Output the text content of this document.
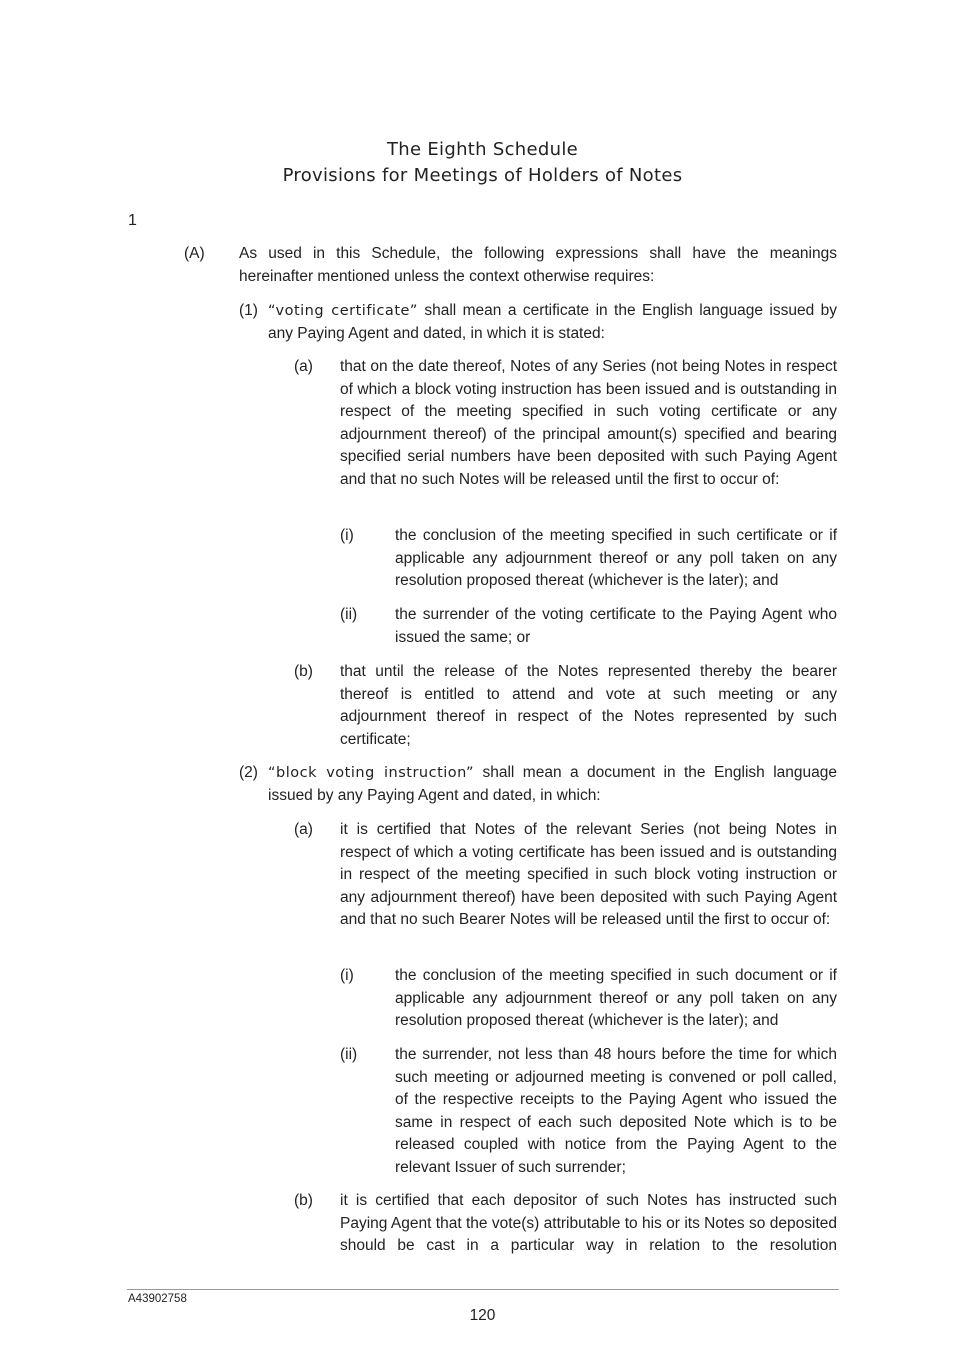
The Eighth Schedule
Provisions for Meetings of Holders of Notes
1
(A) As used in this Schedule, the following expressions shall have the meanings hereinafter mentioned unless the context otherwise requires:
(1) “voting certificate” shall mean a certificate in the English language issued by any Paying Agent and dated, in which it is stated:
(a) that on the date thereof, Notes of any Series (not being Notes in respect of which a block voting instruction has been issued and is outstanding in respect of the meeting specified in such voting certificate or any adjournment thereof) of the principal amount(s) specified and bearing specified serial numbers have been deposited with such Paying Agent and that no such Notes will be released until the first to occur of:
(i)	the conclusion of the meeting specified in such certificate or if applicable any adjournment thereof or any poll taken on any resolution proposed thereat (whichever is the later); and
(ii) the surrender of the voting certificate to the Paying Agent who issued the same; or
(b) that until the release of the Notes represented thereby the bearer thereof is entitled to attend and vote at such meeting or any adjournment thereof in respect of the Notes represented by such certificate;
(2) “block voting instruction” shall mean a document in the English language issued by any Paying Agent and dated, in which:
(a) it is certified that Notes of the relevant Series (not being Notes in respect of which a voting certificate has been issued and is outstanding in respect of the meeting specified in such block voting instruction or any adjournment thereof) have been deposited with such Paying Agent and that no such Bearer Notes will be released until the first to occur of:
(i)	the conclusion of the meeting specified in such document or if applicable any adjournment thereof or any poll taken on any resolution proposed thereat (whichever is the later); and
(ii) the surrender, not less than 48 hours before the time for which such meeting or adjourned meeting is convened or poll called, of the respective receipts to the Paying Agent who issued the same in respect of each such deposited Note which is to be released coupled with notice from the Paying Agent to the relevant Issuer of such surrender;
(b) it is certified that each depositor of such Notes has instructed such Paying Agent that the vote(s) attributable to his or its Notes so deposited should be cast in a particular way in relation to the resolution
A43902758
120
